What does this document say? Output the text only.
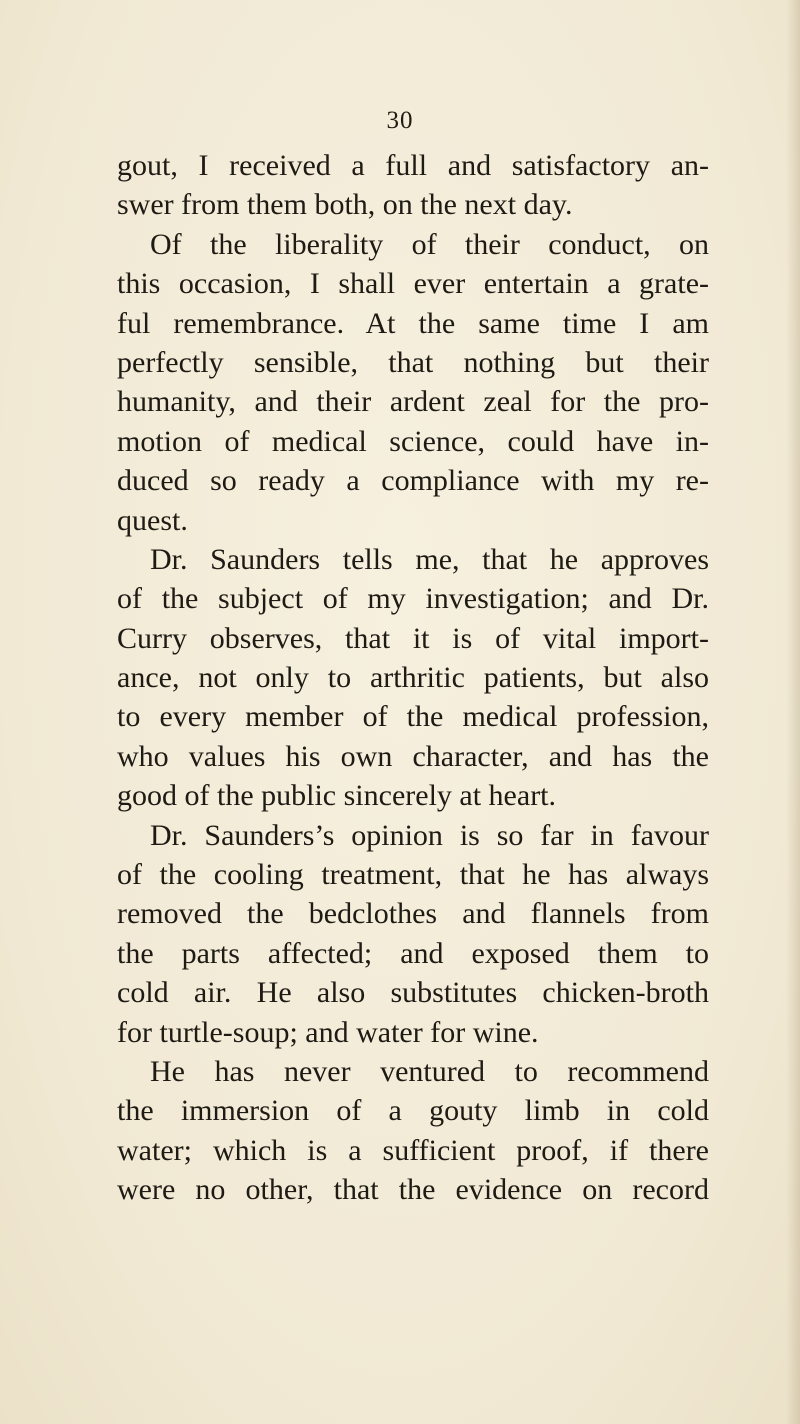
30
gout, I received a full and satisfactory an-
swer from them both, on the next day.
Of the liberality of their conduct, on
this occasion, I shall ever entertain a grate-
ful remembrance. At the same time I am
perfectly sensible, that nothing but their
humanity, and their ardent zeal for the pro-
motion of medical science, could have in-
duced so ready a compliance with my re-
quest.
Dr. Saunders tells me, that he approves
of the subject of my investigation; and Dr.
Curry observes, that it is of vital import-
ance, not only to arthritic patients, but also
to every member of the medical profession,
who values his own character, and has the
good of the public sincerely at heart.
Dr. Saunders’s opinion is so far in favour
of the cooling treatment, that he has always
removed the bedclothes and flannels from
the parts affected; and exposed them to
cold air. He also substitutes chicken-broth
for turtle-soup; and water for wine.
He has never ventured to recommend
the immersion of a gouty limb in cold
water; which is a sufficient proof, if there
were no other, that the evidence on record
